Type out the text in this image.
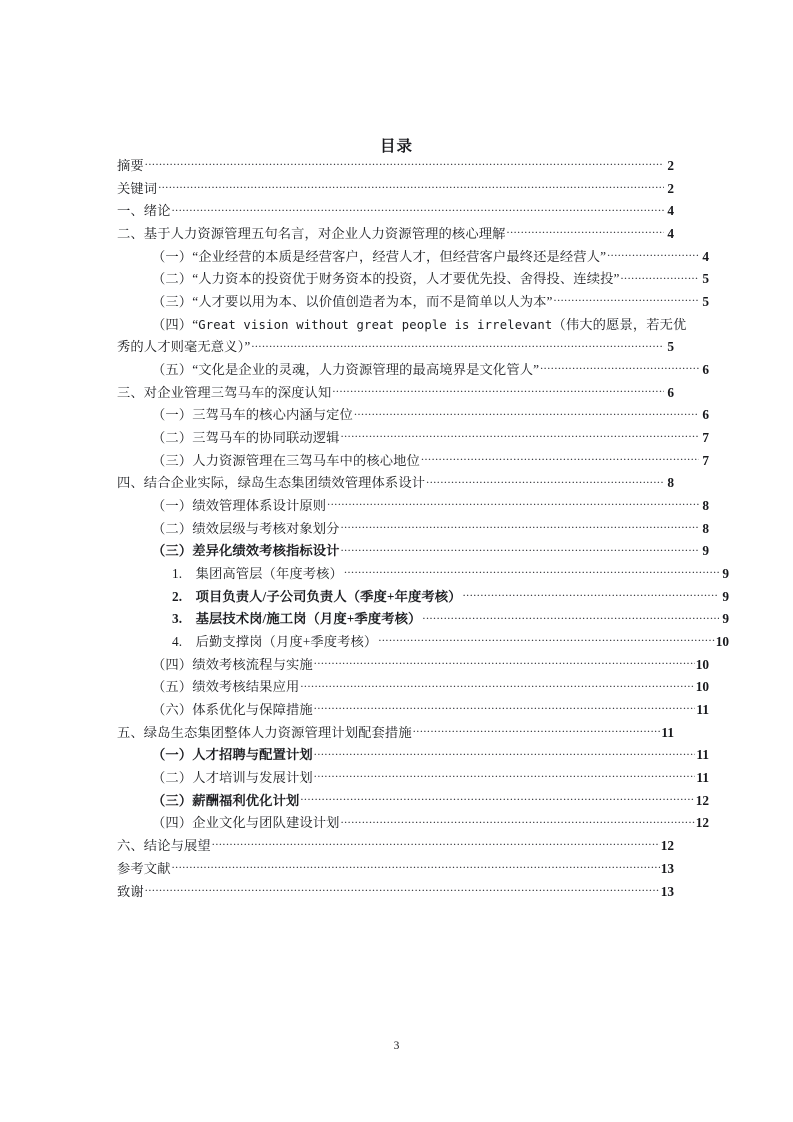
目录
摘要 .....	2
关键词 .....	2
一、绪论 .....	4
二、基于人力资源管理五句名言，对企业人力资源管理的核心理解 .....	4
（一）“企业经营的本质是经营客户，经营人才，但经营客户最终还是经营人” .....	4
（二）“人力资本的投资优于财务资本的投资，人才要优先投、舍得投、连续投” .....	5
（三）“人才要以用为本、以价值创造者为本，而不是简单以人为本” .....	5
（四）“Great vision without great people is irrelevant（伟大的愿景，若无优
秀的人才则毫无意义）” .....	5
（五）“文化是企业的灵魂，人力资源管理的最高境界是文化管人” .....	6
三、对企业管理三驾马车的深度认知 .....	6
（一）三驾马车的核心内涵与定位 .....	6
（二）三驾马车的协同联动逻辑 .....	7
（三）人力资源管理在三驾马车中的核心地位 .....	7
四、结合企业实际，绿岛生态集团绩效管理体系设计 .....	8
（一）绩效管理体系设计原则 .....	8
（二）绩效层级与考核对象划分 .....	8
（三）差异化绩效考核指标设计 .....	9
1.　集团高管层（年度考核） .....	9
2.　项目负责人/子公司负责人（季度+年度考核） .....	9
3.　基层技术岗/施工岗（月度+季度考核） .....	9
4.　后勤支撑岗（月度+季度考核） .....	10
（四）绩效考核流程与实施 .....	10
（五）绩效考核结果应用 .....	10
（六）体系优化与保障措施 .....	11
五、绿岛生态集团整体人力资源管理计划配套措施 .....	11
（一）人才招聘与配置计划 .....	11
（二）人才培训与发展计划 .....	11
（三）薪酬福利优化计划 .....	12
（四）企业文化与团队建设计划 .....	12
六、结论与展望 .....	12
参考文献 .....	13
致谢 .....	13
3
